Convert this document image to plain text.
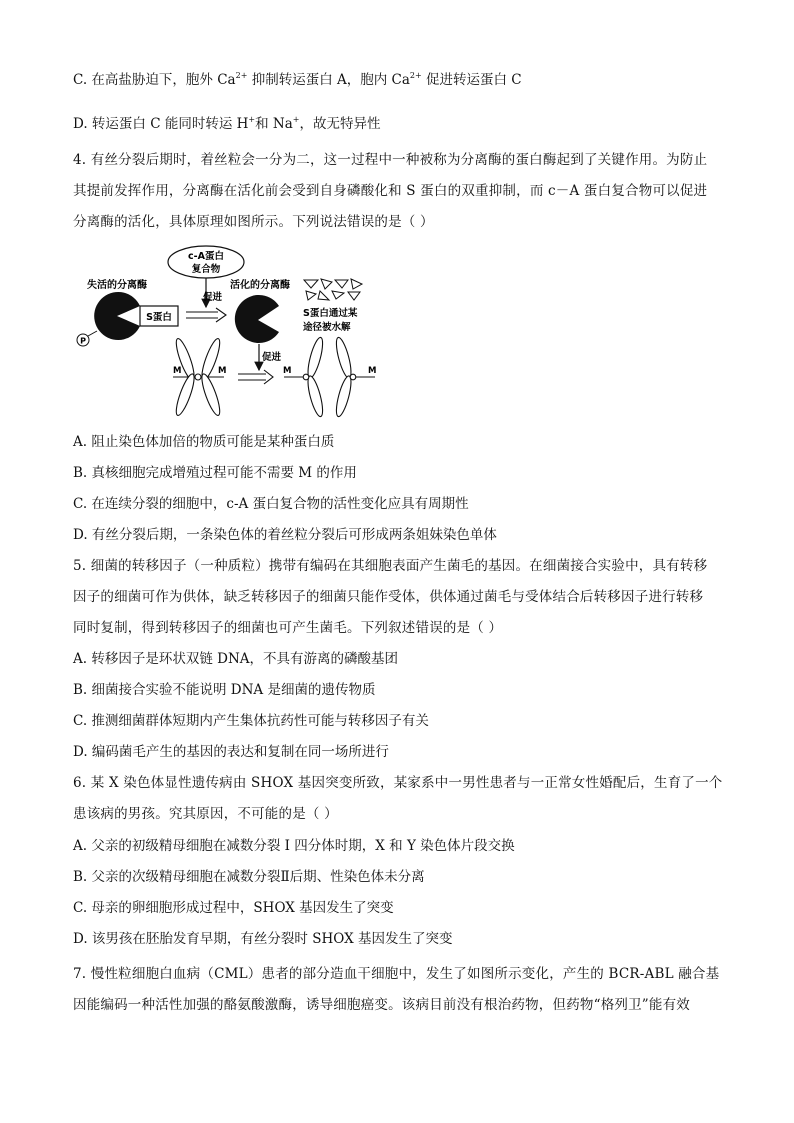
C. 在高盐胁迫下，胞外 $Ca^{2+}$ 抑制转运蛋白 A，胞内 $Ca^{2+}$ 促进转运蛋白 C
D. 转运蛋白 C 能同时转运 H+和 Na+，故无特异性
4. 有丝分裂后期时，着丝粒会一分为二，这一过程中一种被称为分离酶的蛋白酶起到了关键作用。为防止
其提前发挥作用，分离酶在活化前会受到自身磷酸化和 S 蛋白的双重抑制，而 c－A 蛋白复合物可以促进
分离酶的活化，具体原理如图所示。下列说法错误的是（ ）
c-A蛋白
复合物
促进
失活的分离酶
S蛋白
P
活化的分离酶
S蛋白通过某
途径被水解
促进
M	M	M	M
A. 阻止染色体加倍的物质可能是某种蛋白质
B. 真核细胞完成增殖过程可能不需要 M 的作用
C. 在连续分裂的细胞中，c-A 蛋白复合物的活性变化应具有周期性
D. 有丝分裂后期，一条染色体的着丝粒分裂后可形成两条姐妹染色单体
5. 细菌的转移因子（一种质粒）携带有编码在其细胞表面产生菌毛的基因。在细菌接合实验中，具有转移
因子的细菌可作为供体，缺乏转移因子的细菌只能作受体，供体通过菌毛与受体结合后转移因子进行转移
同时复制，得到转移因子的细菌也可产生菌毛。下列叙述错误的是（ ）
A. 转移因子是环状双链 DNA，不具有游离的磷酸基团
B. 细菌接合实验不能说明 DNA 是细菌的遗传物质
C. 推测细菌群体短期内产生集体抗药性可能与转移因子有关
D. 编码菌毛产生的基因的表达和复制在同一场所进行
6. 某 X 染色体显性遗传病由 SHOX 基因突变所致，某家系中一男性患者与一正常女性婚配后，生育了一个
患该病的男孩。究其原因，不可能的是（ ）
A. 父亲的初级精母细胞在减数分裂 I 四分体时期，X 和 Y 染色体片段交换
B. 父亲的次级精母细胞在减数分裂Ⅱ后期、性染色体未分离
C. 母亲的卵细胞形成过程中，SHOX 基因发生了突变
D. 该男孩在胚胎发育早期，有丝分裂时 SHOX 基因发生了突变
7. 慢性粒细胞白血病（CML）患者的部分造血干细胞中，发生了如图所示变化，产生的 BCR-ABL 融合基
因能编码一种活性加强的酪氨酸激酶，诱导细胞癌变。该病目前没有根治药物，但药物“格列卫”能有效
